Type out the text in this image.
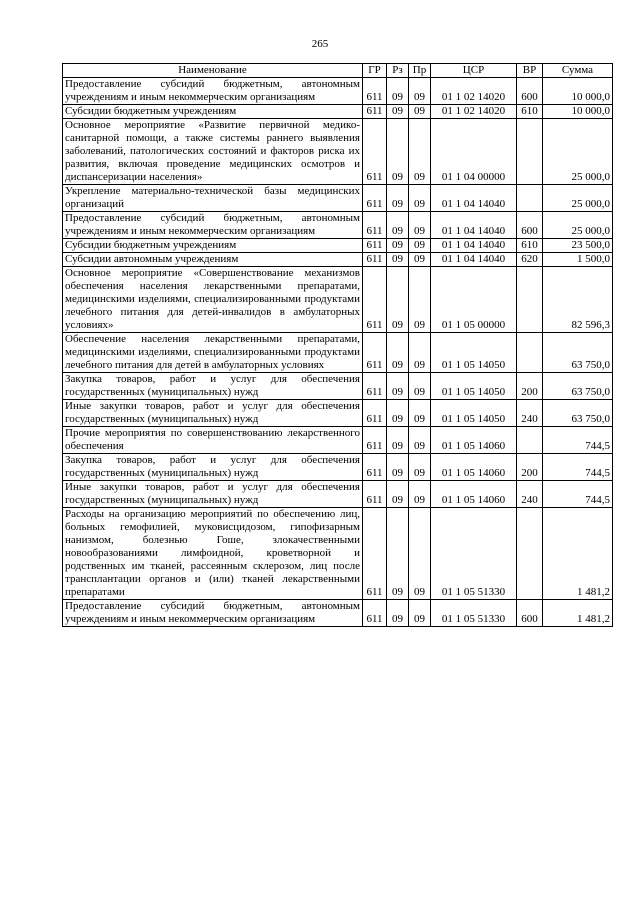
265
Наименование	ГР	Рз	Пр	ЦСР	ВР	Сумма
Предоставление субсидий бюджетным, автономным учреждениям и иным некоммерческим организациям	611	09	09	01 1 02 14020	600	10 000,0
Субсидии бюджетным учреждениям	611	09	09	01 1 02 14020	610	10 000,0
Основное мероприятие «Развитие первичной медико-санитарной помощи, а также системы раннего выявления заболеваний, патологических состояний и факторов риска их развития, включая проведение медицинских осмотров и диспансеризации населения»	611	09	09	01 1 04 00000		25 000,0
Укрепление материально-технической базы медицинских организаций	611	09	09	01 1 04 14040		25 000,0
Предоставление субсидий бюджетным, автономным учреждениям и иным некоммерческим организациям	611	09	09	01 1 04 14040	600	25 000,0
Субсидии бюджетным учреждениям	611	09	09	01 1 04 14040	610	23 500,0
Субсидии автономным учреждениям	611	09	09	01 1 04 14040	620	1 500,0
Основное мероприятие «Совершенствование механизмов обеспечения населения лекарственными препаратами, медицинскими изделиями, специализированными продуктами лечебного питания для детей-инвалидов в амбулаторных условиях»	611	09	09	01 1 05 00000		82 596,3
Обеспечение населения лекарственными препаратами, медицинскими изделиями, специализированными продуктами лечебного питания для детей в амбулаторных условиях	611	09	09	01 1 05 14050		63 750,0
Закупка товаров, работ и услуг для обеспечения государственных (муниципальных) нужд	611	09	09	01 1 05 14050	200	63 750,0
Иные закупки товаров, работ и услуг для обеспечения государственных (муниципальных) нужд	611	09	09	01 1 05 14050	240	63 750,0
Прочие мероприятия по совершенствованию лекарственного обеспечения	611	09	09	01 1 05 14060		744,5
Закупка товаров, работ и услуг для обеспечения государственных (муниципальных) нужд	611	09	09	01 1 05 14060	200	744,5
Иные закупки товаров, работ и услуг для обеспечения государственных (муниципальных) нужд	611	09	09	01 1 05 14060	240	744,5
Расходы на организацию мероприятий по обеспечению лиц, больных гемофилией, муковисцидозом, гипофизарным нанизмом, болезнью Гоше, злокачественными новообразованиями лимфоидной, кроветворной и родственных им тканей, рассеянным склерозом, лиц после трансплантации органов и (или) тканей лекарственными препаратами	611	09	09	01 1 05 51330		1 481,2
Предоставление субсидий бюджетным, автономным учреждениям и иным некоммерческим организациям	611	09	09	01 1 05 51330	600	1 481,2
